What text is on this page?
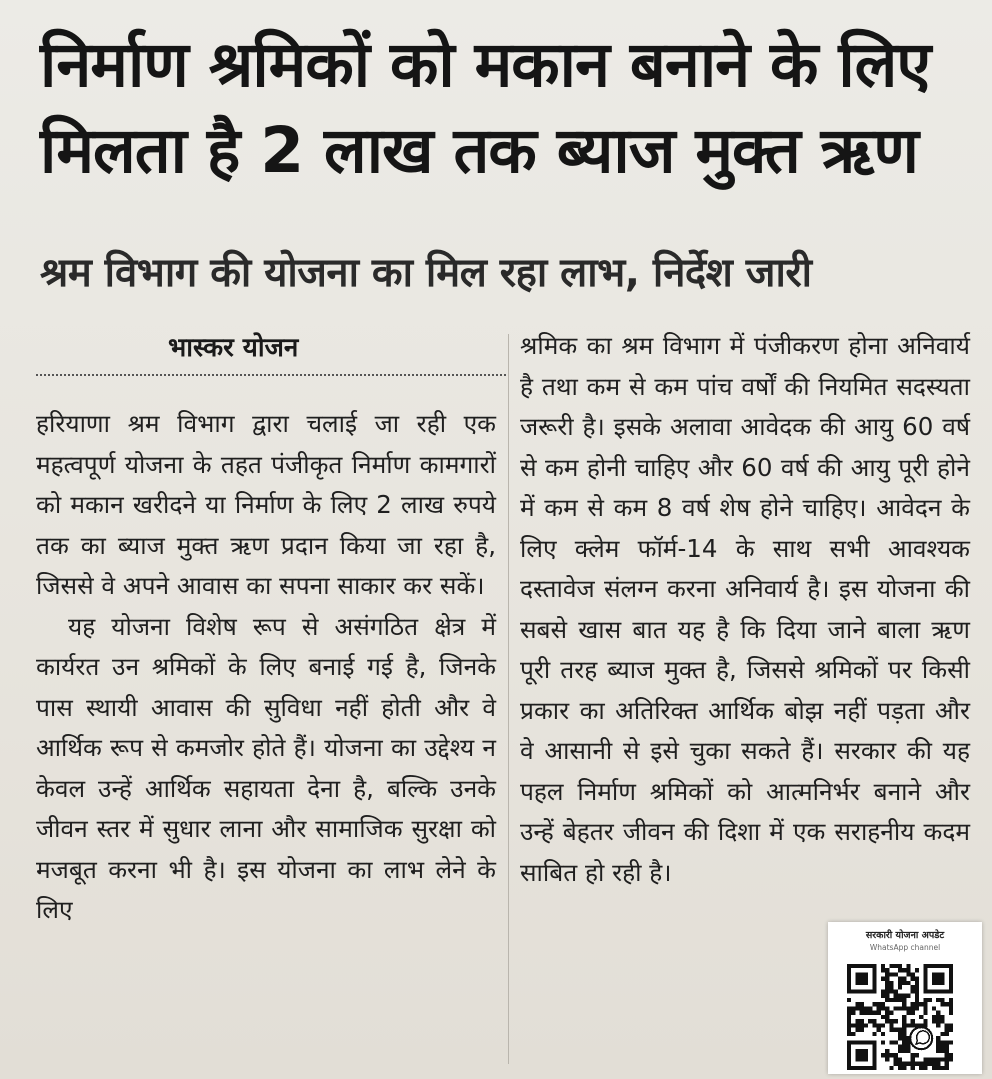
निर्माण श्रमिकों को मकान बनाने के लिए
मिलता है 2 लाख तक ब्याज मुक्त ऋण
श्रम विभाग की योजना का मिल रहा लाभ, निर्देश जारी
भास्कर योजन

हरियाणा श्रम विभाग द्वारा चलाई जा रही एक महत्वपूर्ण योजना के तहत पंजीकृत निर्माण कामगारों को मकान खरीदने या निर्माण के लिए 2 लाख रुपये तक का ब्याज मुक्त ऋण प्रदान किया जा रहा है, जिससे वे अपने आवास का सपना साकार कर सकें।

यह योजना विशेष रूप से असंगठित क्षेत्र में कार्यरत उन श्रमिकों के लिए बनाई गई है, जिनके पास स्थायी आवास की सुविधा नहीं होती और वे आर्थिक रूप से कमजोर होते हैं। योजना का उद्देश्य न केवल उन्हें आर्थिक सहायता देना है, बल्कि उनके जीवन स्तर में सुधार लाना और सामाजिक सुरक्षा को मजबूत करना भी है। इस योजना का लाभ लेने के लिए

श्रमिक का श्रम विभाग में पंजीकरण होना अनिवार्य है तथा कम से कम पांच वर्षों की नियमित सदस्यता जरूरी है। इसके अलावा आवेदक की आयु 60 वर्ष से कम होनी चाहिए और 60 वर्ष की आयु पूरी होने में कम से कम 8 वर्ष शेष होने चाहिए। आवेदन के लिए क्लेम फॉर्म-14 के साथ सभी आवश्यक दस्तावेज संलग्न करना अनिवार्य है। इस योजना की सबसे खास बात यह है कि दिया जाने बाला ऋण पूरी तरह ब्याज मुक्त है, जिससे श्रमिकों पर किसी प्रकार का अतिरिक्त आर्थिक बोझ नहीं पड़ता और वे आसानी से इसे चुका सकते हैं। सरकार की यह पहल निर्माण श्रमिकों को आत्मनिर्भर बनाने और उन्हें बेहतर जीवन की दिशा में एक सराहनीय कदम साबित हो रही है।

सरकारी योजना अपडेट
WhatsApp channel
